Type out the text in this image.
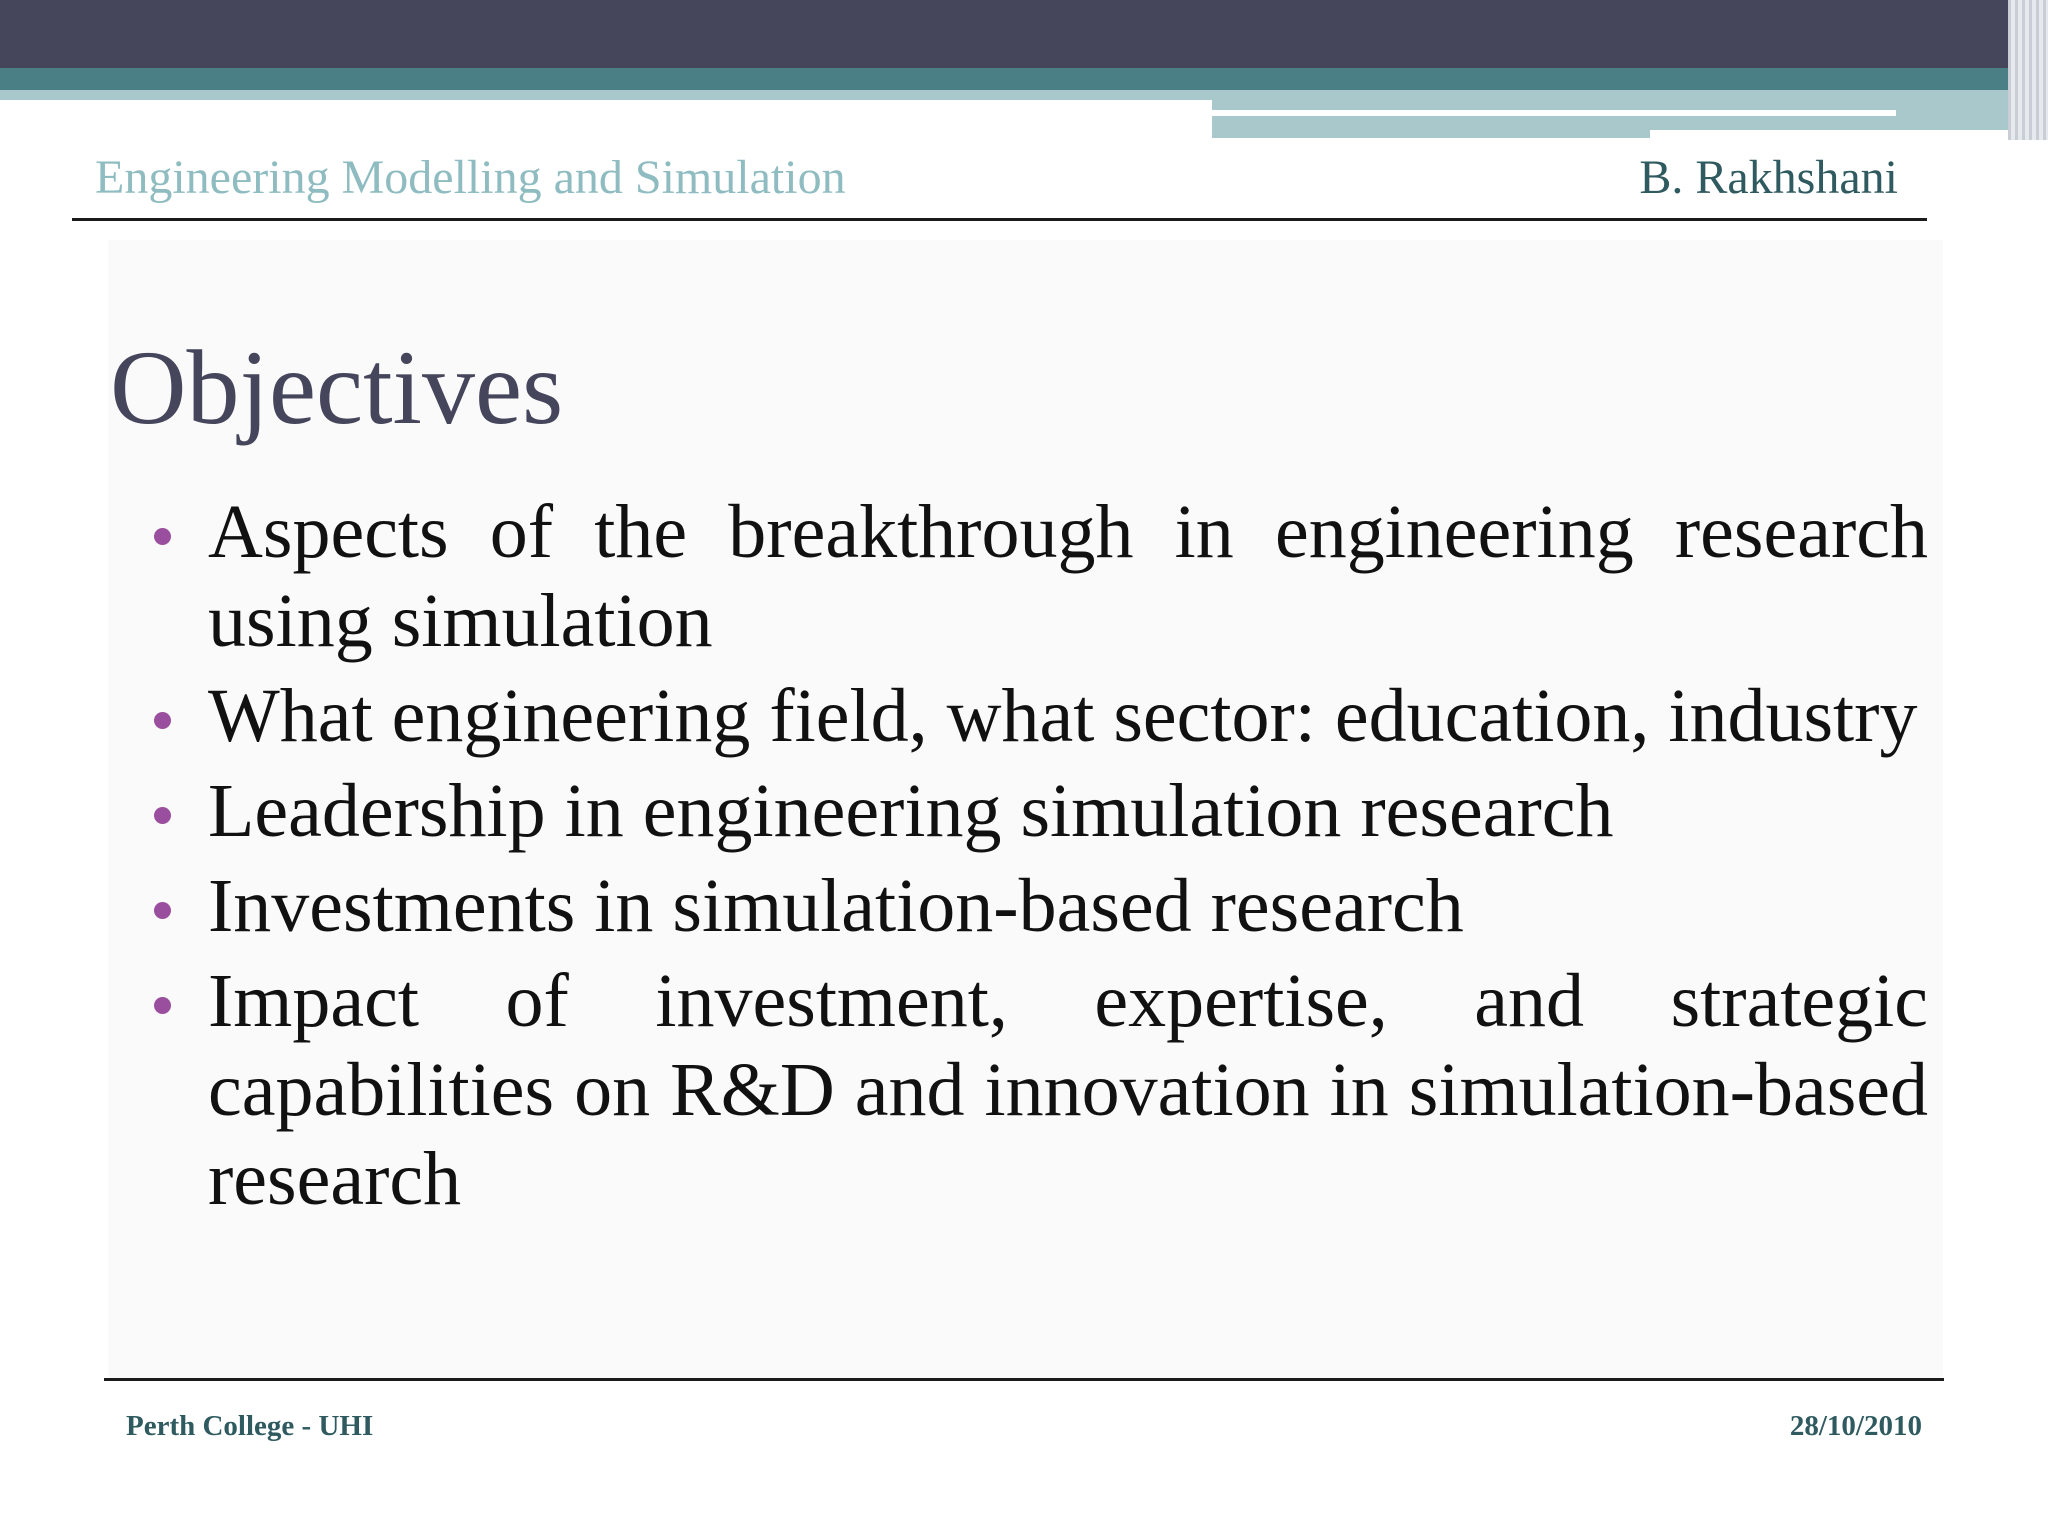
Engineering Modelling and Simulation	B. Rakhshani
Objectives
Aspects of the breakthrough in engineering research using simulation
What engineering field, what sector: education, industry
Leadership in engineering simulation research
Investments in simulation-based research
Impact of investment, expertise, and strategic capabilities on R&D and innovation in simulation-based research
Perth College - UHI	28/10/2010
